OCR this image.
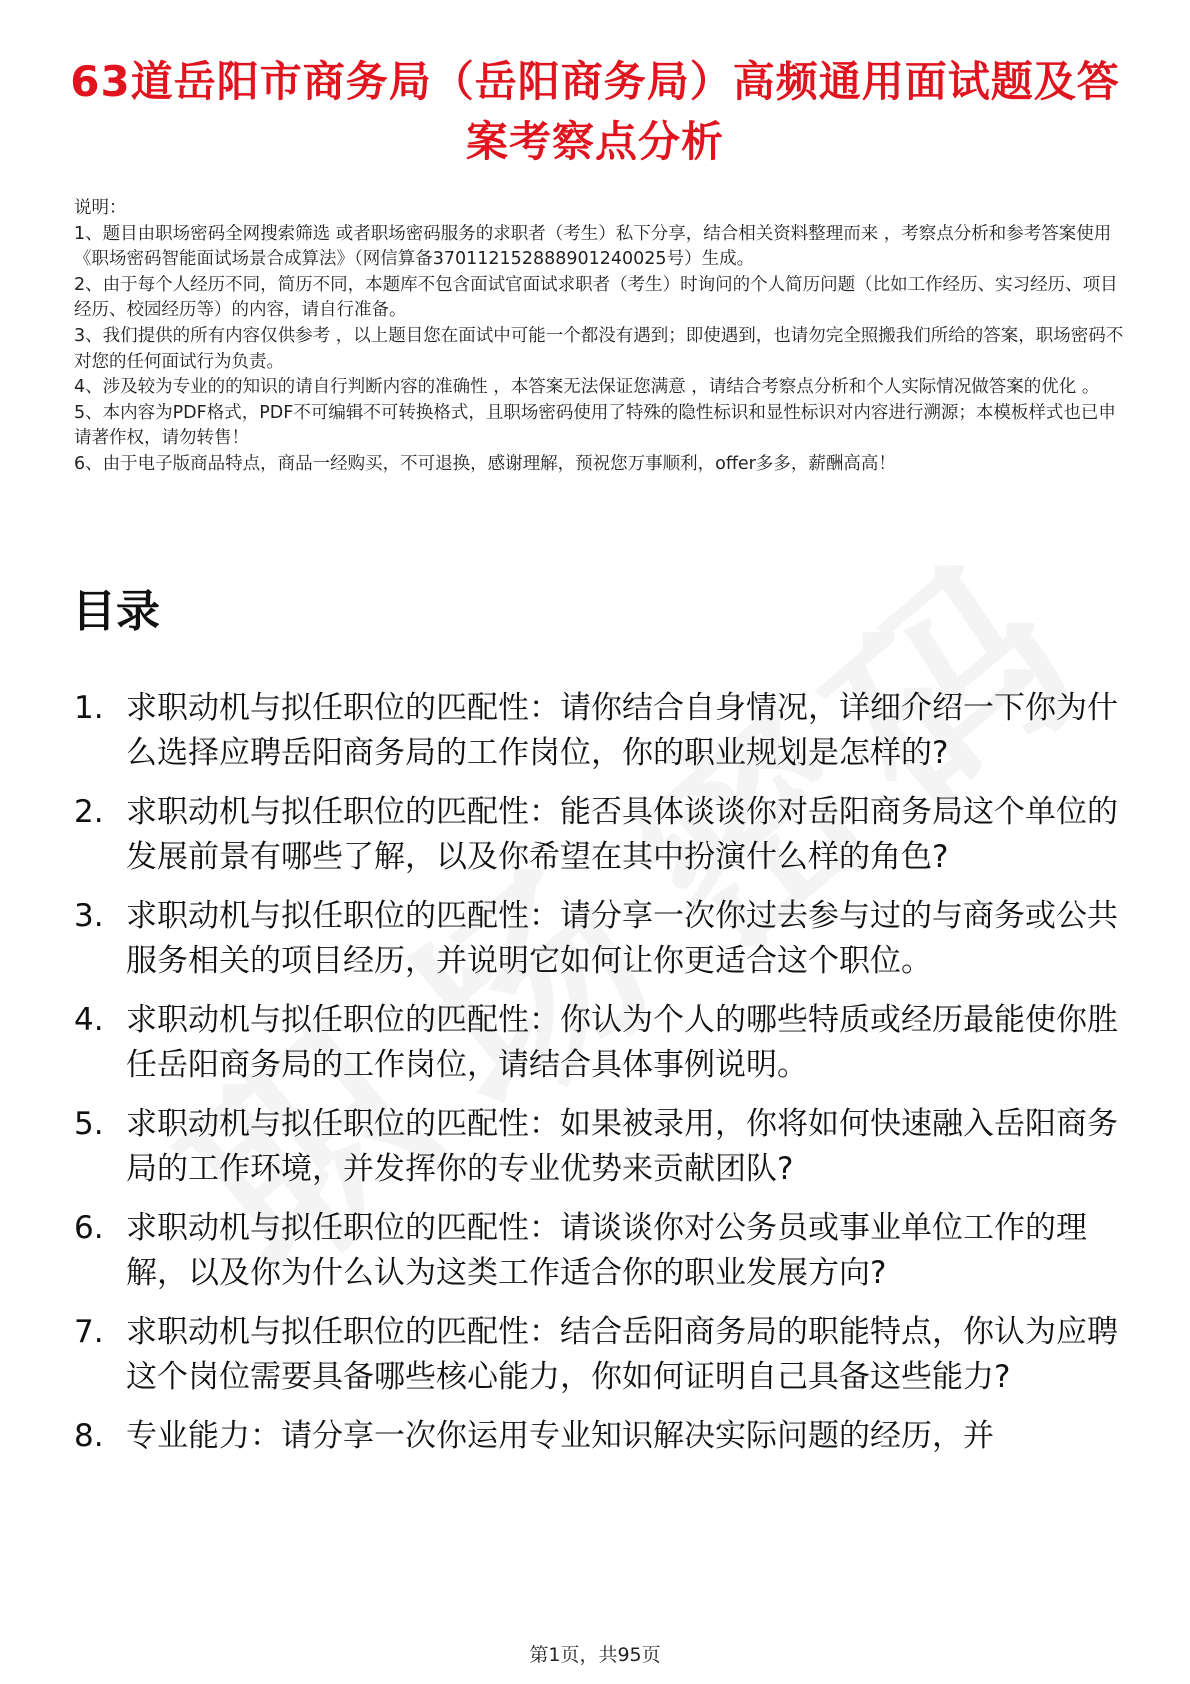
63道岳阳市商务局（岳阳商务局）高频通用面试题及答案考察点分析
说明：
1、题目由职场密码全网搜索筛选 或者职场密码服务的求职者（考生）私下分享，结合相关资料整理而来 ，考察点分析和参考答案使用《职场密码智能面试场景合成算法》（网信算备370112152888901240025号）生成。
2、由于每个人经历不同，简历不同，本题库不包含面试官面试求职者（考生）时询问的个人简历问题（比如工作经历、实习经历、项目经历、校园经历等）的内容，请自行准备。
3、我们提供的所有内容仅供参考 ，以上题目您在面试中可能一个都没有遇到；即使遇到，也请勿完全照搬我们所给的答案，职场密码不对您的任何面试行为负责。
4、涉及较为专业的的知识的请自行判断内容的准确性 ，本答案无法保证您满意 ，请结合考察点分析和个人实际情况做答案的优化 。
5、本内容为PDF格式，PDF不可编辑不可转换格式，且职场密码使用了特殊的隐性标识和显性标识对内容进行溯源；本模板样式也已申请著作权，请勿转售！
6、由于电子版商品特点，商品一经购买，不可退换，感谢理解，预祝您万事顺利，offer多多，薪酬高高！
目录
1. 求职动机与拟任职位的匹配性：请你结合自身情况，详细介绍一下你为什么选择应聘岳阳商务局的工作岗位，你的职业规划是怎样的?
2. 求职动机与拟任职位的匹配性：能否具体谈谈你对岳阳商务局这个单位的发展前景有哪些了解，以及你希望在其中扮演什么样的角色?
3. 求职动机与拟任职位的匹配性：请分享一次你过去参与过的与商务或公共服务相关的项目经历，并说明它如何让你更适合这个职位。
4. 求职动机与拟任职位的匹配性：你认为个人的哪些特质或经历最能使你胜任岳阳商务局的工作岗位，请结合具体事例说明。
5. 求职动机与拟任职位的匹配性：如果被录用，你将如何快速融入岳阳商务局的工作环境，并发挥你的专业优势来贡献团队?
6. 求职动机与拟任职位的匹配性：请谈谈你对公务员或事业单位工作的理解，以及你为什么认为这类工作适合你的职业发展方向?
7. 求职动机与拟任职位的匹配性：结合岳阳商务局的职能特点，你认为应聘这个岗位需要具备哪些核心能力，你如何证明自己具备这些能力?
8. 专业能力：请分享一次你运用专业知识解决实际问题的经历，并
第1页，共95页
